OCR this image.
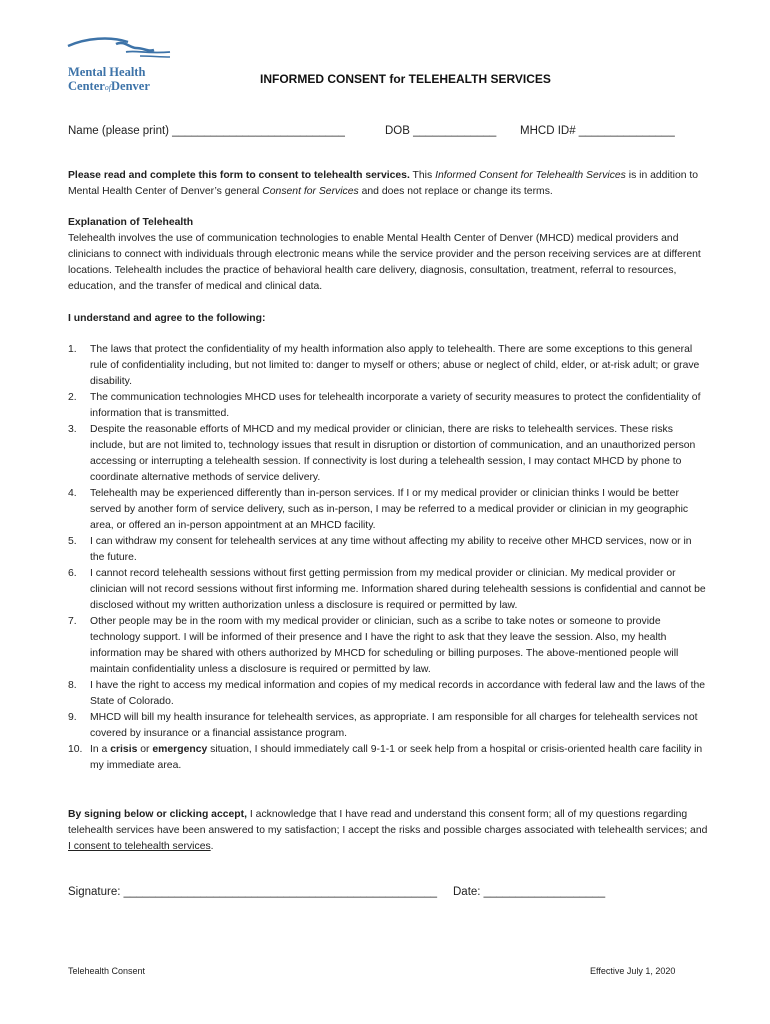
Mental Health
CenterofDenver	INFORMED CONSENT for TELEHEALTH SERVICES
Name (please print) ___________________________	DOB _____________ MHCD ID# _______________
Please read and complete this form to consent to telehealth services. This Informed Consent for Telehealth Services is in addition to Mental Health Center of Denver’s general Consent for Services and does not replace or change its terms.
Explanation of Telehealth
Telehealth involves the use of communication technologies to enable Mental Health Center of Denver (MHCD) medical providers and clinicians to connect with individuals through electronic means while the service provider and the person receiving services are at different locations. Telehealth includes the practice of behavioral health care delivery, diagnosis, consultation, treatment, referral to resources, education, and the transfer of medical and clinical data.
I understand and agree to the following:
1. The laws that protect the confidentiality of my health information also apply to telehealth. There are some exceptions to this general rule of confidentiality including, but not limited to: danger to myself or others; abuse or neglect of child, elder, or at-risk adult; or grave disability.
2. The communication technologies MHCD uses for telehealth incorporate a variety of security measures to protect the confidentiality of information that is transmitted.
3. Despite the reasonable efforts of MHCD and my medical provider or clinician, there are risks to telehealth services. These risks include, but are not limited to, technology issues that result in disruption or distortion of communication, and an unauthorized person accessing or interrupting a telehealth session. If connectivity is lost during a telehealth session, I may contact MHCD by phone to coordinate alternative methods of service delivery.
4. Telehealth may be experienced differently than in-person services. If I or my medical provider or clinician thinks I would be better served by another form of service delivery, such as in-person, I may be referred to a medical provider or clinician in my geographic area, or offered an in-person appointment at an MHCD facility.
5. I can withdraw my consent for telehealth services at any time without affecting my ability to receive other MHCD services, now or in the future.
6. I cannot record telehealth sessions without first getting permission from my medical provider or clinician. My medical provider or clinician will not record sessions without first informing me. Information shared during telehealth sessions is confidential and cannot be disclosed without my written authorization unless a disclosure is required or permitted by law.
7. Other people may be in the room with my medical provider or clinician, such as a scribe to take notes or someone to provide technology support. I will be informed of their presence and I have the right to ask that they leave the session. Also, my health information may be shared with others authorized by MHCD for scheduling or billing purposes. The above-mentioned people will maintain confidentiality unless a disclosure is required or permitted by law.
8. I have the right to access my medical information and copies of my medical records in accordance with federal law and the laws of the State of Colorado.
9. MHCD will bill my health insurance for telehealth services, as appropriate. I am responsible for all charges for telehealth services not covered by insurance or a financial assistance program.
10. In a crisis or emergency situation, I should immediately call 9-1-1 or seek help from a hospital or crisis-oriented health care facility in my immediate area.
By signing below or clicking accept, I acknowledge that I have read and understand this consent form; all of my questions regarding telehealth services have been answered to my satisfaction; I accept the risks and possible charges associated with telehealth services; and I consent to telehealth services.
Signature: _________________________________________________ Date: ___________________
Telehealth Consent	Effective July 1, 2020
